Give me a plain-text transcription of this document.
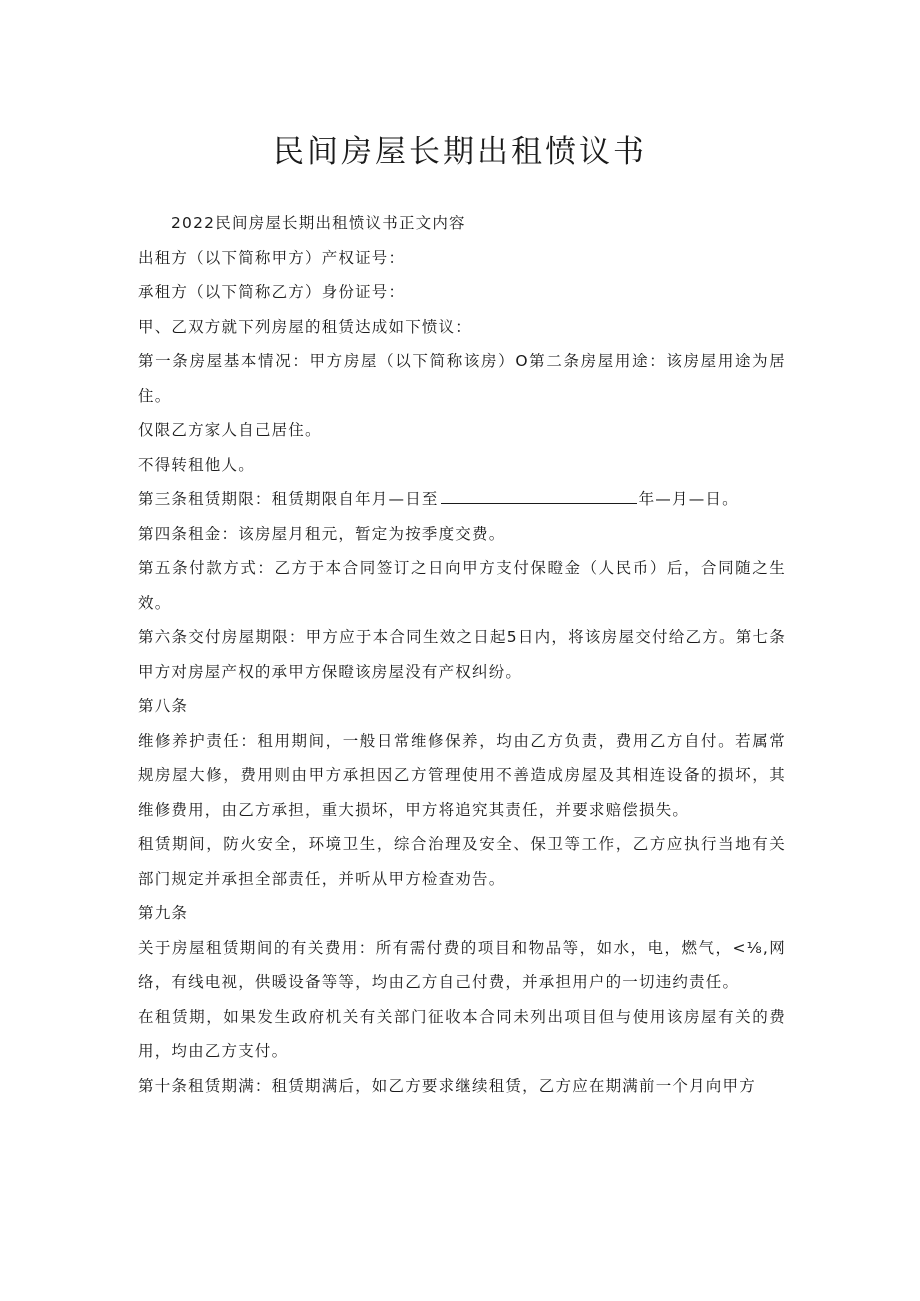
民间房屋长期出租愤议书

2022民间房屋长期出租愤议书正文内容

出租方（以下简称甲方）产权证号：

承租方（以下简称乙方）身份证号：

甲、乙双方就下列房屋的租赁达成如下愤议：

第一条房屋基本情况：甲方房屋（以下简称该房）O第二条房屋用途：该房屋用途为居住。

仅限乙方家人自己居住。

不得转租他人。

第三条租赁期限：租赁期限自年月—日至	年—月—日。

第四条租金：该房屋月租元，暂定为按季度交费。

第五条付款方式：乙方于本合同签订之日向甲方支付保瞪金（人民币）后，合同随之生效。

第六条交付房屋期限：甲方应于本合同生效之日起5日内，将该房屋交付给乙方。第七条甲方对房屋产权的承甲方保瞪该房屋没有产权纠纷。

第八条

维修养护责任：租用期间，一般日常维修保养，均由乙方负责，费用乙方自付。若属常规房屋大修，费用则由甲方承担因乙方管理使用不善造成房屋及其相连设备的损坏，其维修费用，由乙方承担，重大损坏，甲方将追究其责任，并要求赔偿损失。

租赁期间，防火安全，环境卫生，综合治理及安全、保卫等工作，乙方应执行当地有关部门规定并承担全部责任，并听从甲方检查劝告。

第九条

关于房屋租赁期间的有关费用：所有需付费的项目和物品等，如水，电，燃气，<⅛,网络，有线电视，供暖设备等等，均由乙方自己付费，并承担用户的一切违约责任。

在租赁期，如果发生政府机关有关部门征收本合同未列出项目但与使用该房屋有关的费用，均由乙方支付。

第十条租赁期满：租赁期满后，如乙方要求继续租赁，乙方应在期满前一个月向甲方
